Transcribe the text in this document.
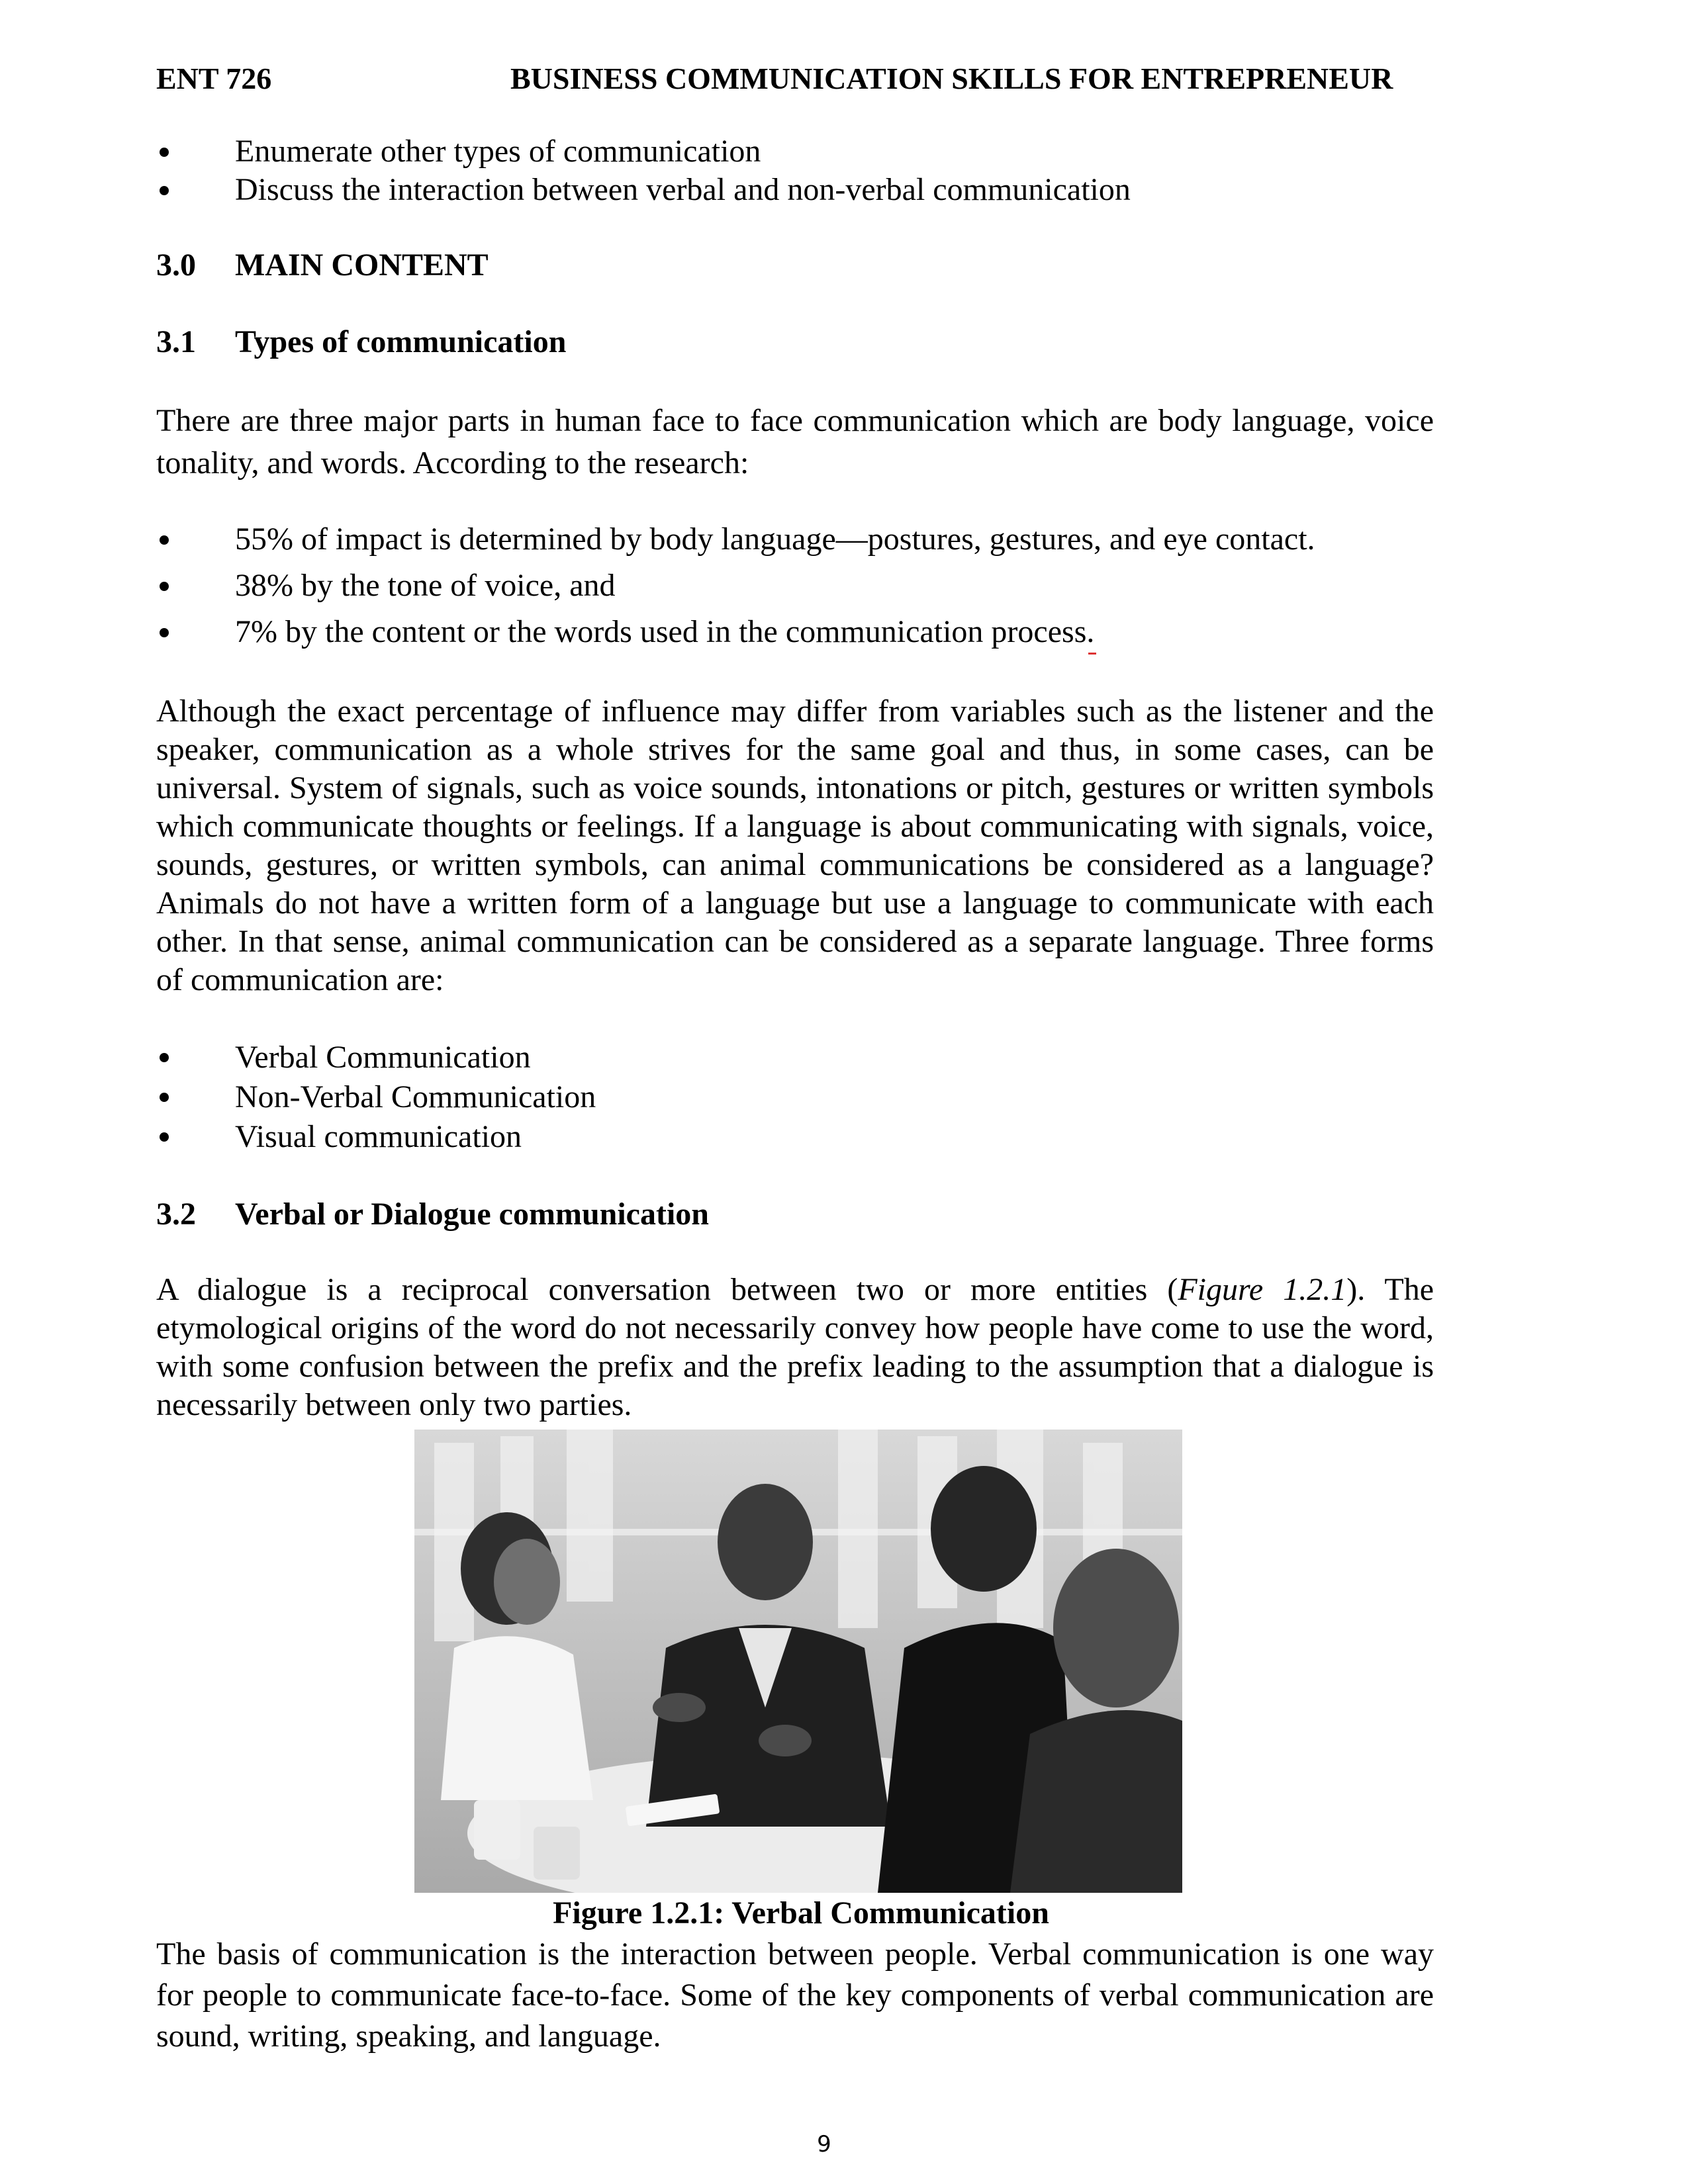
ENT 726	BUSINESS COMMUNICATION SKILLS FOR ENTREPRENEUR
Enumerate other types of communication
Discuss the interaction between verbal and non-verbal communication
3.0 MAIN CONTENT
3.1 Types of communication

There are three major parts in human face to face communication which are body language, voice tonality, and words. According to the research:

55% of impact is determined by body language—postures, gestures, and eye contact.
38% by the tone of voice, and
7% by the content or the words used in the communication process.

Although the exact percentage of influence may differ from variables such as the listener and the speaker, communication as a whole strives for the same goal and thus, in some cases, can be universal. System of signals, such as voice sounds, intonations or pitch, gestures or written symbols which communicate thoughts or feelings. If a language is about communicating with signals, voice, sounds, gestures, or written symbols, can animal communications be considered as a language? Animals do not have a written form of a language but use a language to communicate with each other. In that sense, animal communication can be considered as a separate language. Three forms of communication are:

Verbal Communication
Non-Verbal Communication
Visual communication
3.2 Verbal or Dialogue communication

A dialogue is a reciprocal conversation between two or more entities (Figure 1.2.1). The etymological origins of the word do not necessarily convey how people have come to use the word, with some confusion between the prefix and the prefix leading to the assumption that a dialogue is necessarily between only two parties.

Figure 1.2.1: Verbal Communication

The basis of communication is the interaction between people. Verbal communication is one way for people to communicate face-to-face. Some of the key components of verbal communication are sound, writing, speaking, and language.

9
